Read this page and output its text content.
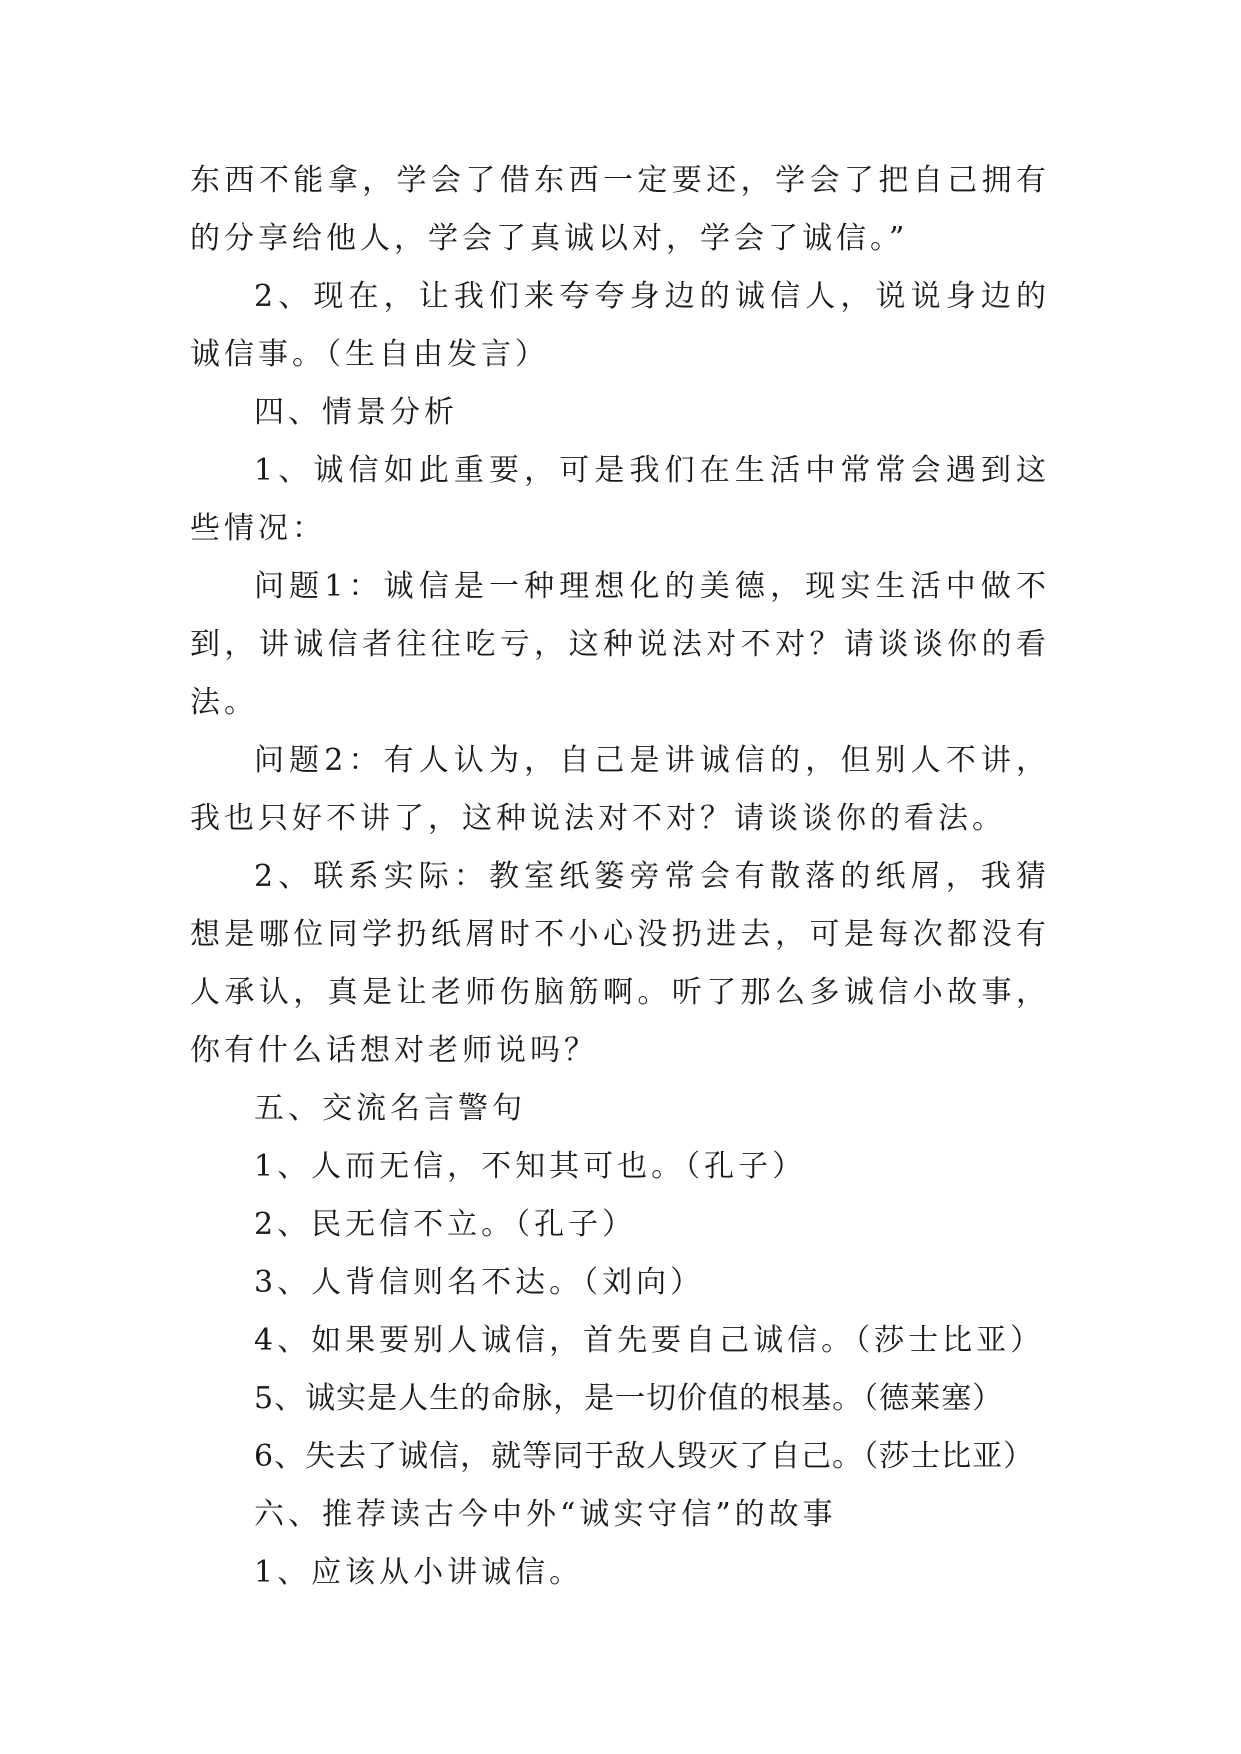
东西不能拿，学会了借东西一定要还，学会了把自己拥有的分享给他人，学会了真诚以对，学会了诚信。”

2、现在，让我们来夸夸身边的诚信人，说说身边的诚信事。（生自由发言）

四、情景分析

1、诚信如此重要，可是我们在生活中常常会遇到这些情况：

问题1：诚信是一种理想化的美德，现实生活中做不到，讲诚信者往往吃亏，这种说法对不对？请谈谈你的看法。

问题2：有人认为，自己是讲诚信的，但别人不讲，我也只好不讲了，这种说法对不对？请谈谈你的看法。

2、联系实际：教室纸篓旁常会有散落的纸屑，我猜想是哪位同学扔纸屑时不小心没扔进去，可是每次都没有人承认，真是让老师伤脑筋啊。听了那么多诚信小故事，你有什么话想对老师说吗？

五、交流名言警句

1、人而无信，不知其可也。（孔子）

2、民无信不立。（孔子）

3、人背信则名不达。（刘向）

4、如果要别人诚信，首先要自己诚信。（莎士比亚）

5、诚实是人生的命脉，是一切价值的根基。（德莱塞）

6、失去了诚信，就等同于敌人毁灭了自己。（莎士比亚）

六、推荐读古今中外“诚实守信”的故事

1、应该从小讲诚信。
